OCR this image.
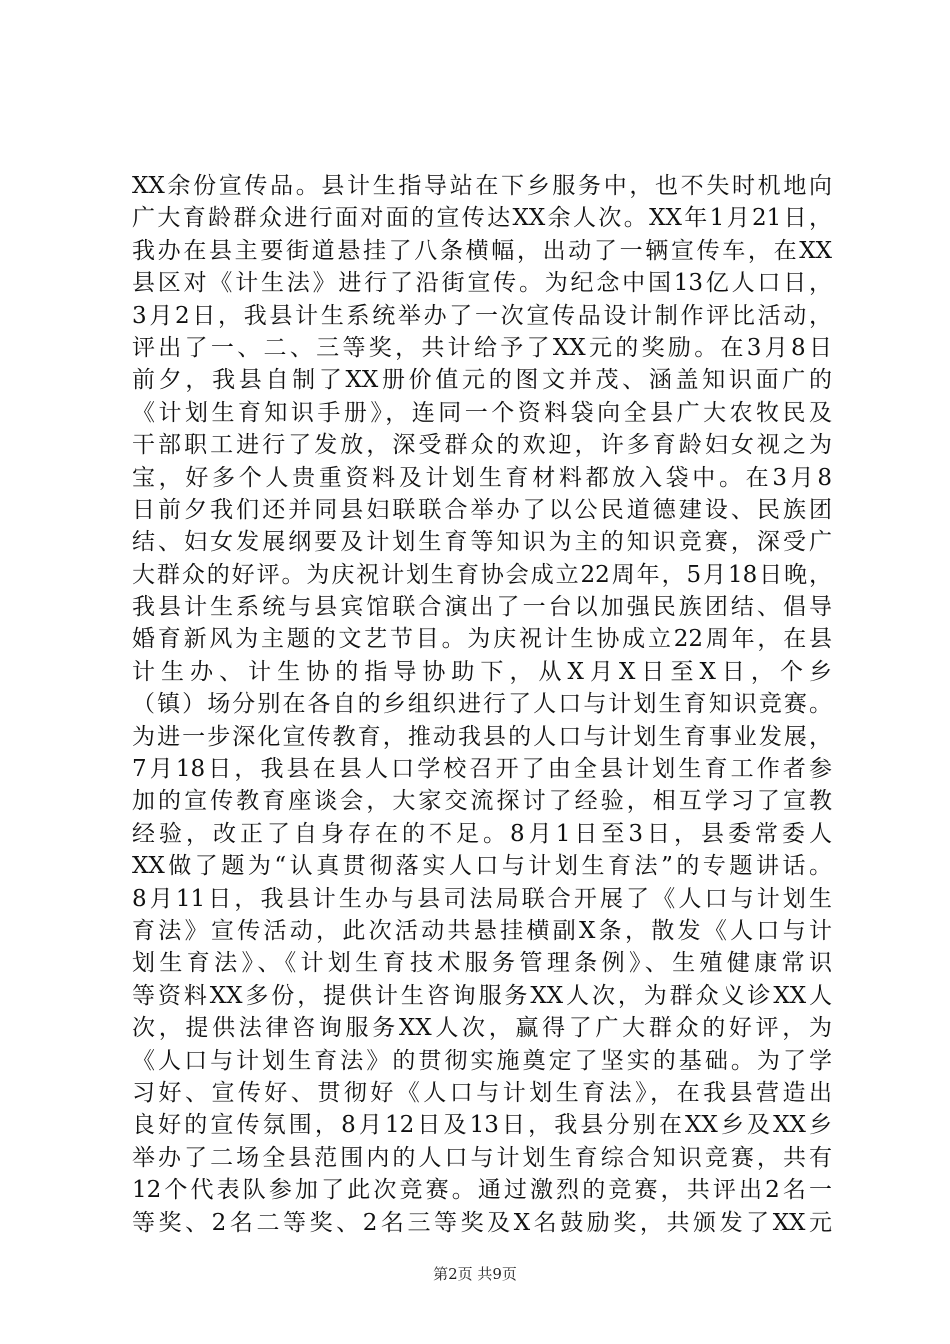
XX余份宣传品。县计生指导站在下乡服务中，也不失时机地向
广大育龄群众进行面对面的宣传达XX余人次。XX年1月21日，
我办在县主要街道悬挂了八条横幅，出动了一辆宣传车，在XX
县区对《计生法》进行了沿街宣传。为纪念中国13亿人口日，
3月2日，我县计生系统举办了一次宣传品设计制作评比活动，
评出了一、二、三等奖，共计给予了XX元的奖励。在3月8日
前夕，我县自制了XX册价值元的图文并茂、涵盖知识面广的
《计划生育知识手册》，连同一个资料袋向全县广大农牧民及
干部职工进行了发放，深受群众的欢迎，许多育龄妇女视之为
宝，好多个人贵重资料及计划生育材料都放入袋中。在3月8
日前夕我们还并同县妇联联合举办了以公民道德建设、民族团
结、妇女发展纲要及计划生育等知识为主的知识竞赛，深受广
大群众的好评。为庆祝计划生育协会成立22周年，5月18日晚，
我县计生系统与县宾馆联合演出了一台以加强民族团结、倡导
婚育新风为主题的文艺节目。为庆祝计生协成立22周年，在县
计生办、计生协的指导协助下，从X月X日至X日，个乡
（镇）场分别在各自的乡组织进行了人口与计划生育知识竞赛。
为进一步深化宣传教育，推动我县的人口与计划生育事业发展，
7月18日，我县在县人口学校召开了由全县计划生育工作者参
加的宣传教育座谈会，大家交流探讨了经验，相互学习了宣教
经验，改正了自身存在的不足。8月1日至3日，县委常委人
XX做了题为“认真贯彻落实人口与计划生育法”的专题讲话。
8月11日，我县计生办与县司法局联合开展了《人口与计划生
育法》宣传活动，此次活动共悬挂横副X条，散发《人口与计
划生育法》、《计划生育技术服务管理条例》、生殖健康常识
等资料XX多份，提供计生咨询服务XX人次，为群众义诊XX人
次，提供法律咨询服务XX人次，赢得了广大群众的好评，为
《人口与计划生育法》的贯彻实施奠定了坚实的基础。为了学
习好、宣传好、贯彻好《人口与计划生育法》，在我县营造出
良好的宣传氛围，8月12日及13日，我县分别在XX乡及XX乡
举办了二场全县范围内的人口与计划生育综合知识竞赛，共有
12个代表队参加了此次竞赛。通过激烈的竞赛，共评出2名一
等奖、2名二等奖、2名三等奖及X名鼓励奖，共颁发了XX元
第2页 共9页
